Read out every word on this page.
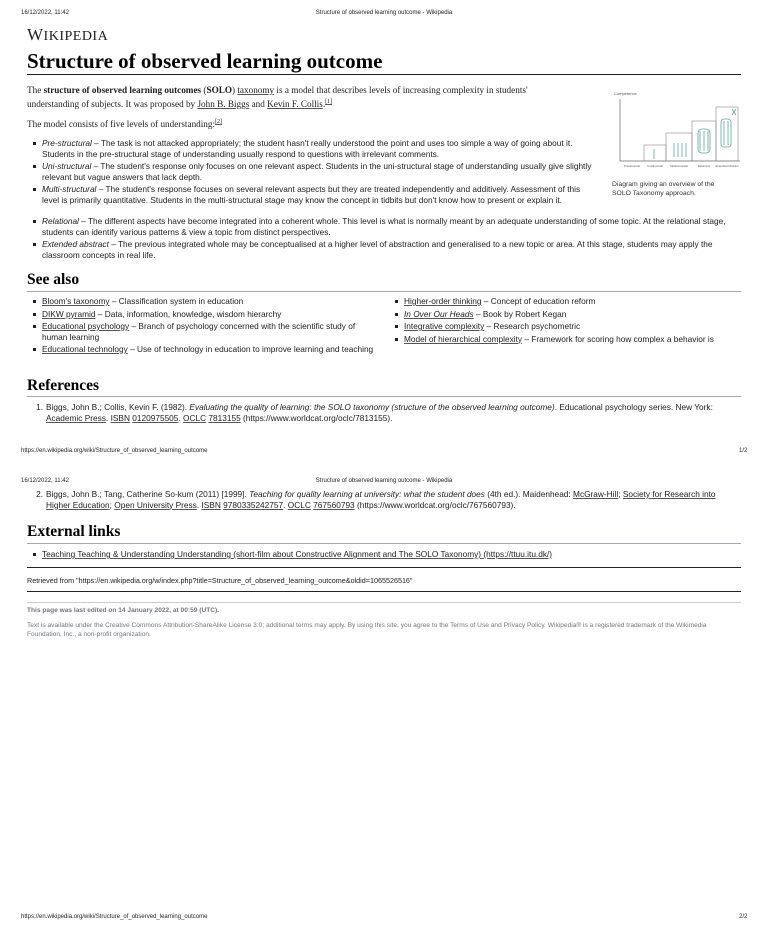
16/12/2022, 11:42	Structure of observed learning outcome - Wikipedia
WIKIPEDIA
Structure of observed learning outcome
The structure of observed learning outcomes (SOLO) taxonomy is a model that describes levels of increasing complexity in students'
understanding of subjects. It was proposed by John B. Biggs and Kevin F. Collis.[1]
The model consists of five levels of understanding:[2]
Competence
Prestructural	Unistructural	Multistructural	Relational Extended Abstract
Diagram giving an overview of the SOLO Taxonomy approach.
Pre-structural – The task is not attacked appropriately; the student hasn't really understood the point and uses too simple a way of going about it. Students in the pre-structural stage of understanding usually respond to questions with irrelevant comments.
Uni-structural – The student's response only focuses on one relevant aspect. Students in the uni-structural stage of understanding usually give slightly relevant but vague answers that lack depth.
Multi-structural – The student's response focuses on several relevant aspects but they are treated independently and additively. Assessment of this level is primarily quantitative. Students in the multi-structural stage may know the concept in tidbits but don't know how to present or explain it.
Relational – The different aspects have become integrated into a coherent whole. This level is what is normally meant by an adequate understanding of some topic. At the relational stage, students can identify various patterns & view a topic from distinct perspectives.
Extended abstract – The previous integrated whole may be conceptualised at a higher level of abstraction and generalised to a new topic or area. At this stage, students may apply the classroom concepts in real life.
See also
Bloom's taxonomy – Classification system in education
DIKW pyramid – Data, information, knowledge, wisdom hierarchy
Educational psychology – Branch of psychology concerned with the scientific study of human learning
Educational technology – Use of technology in education to improve learning and teaching
Higher-order thinking – Concept of education reform
In Over Our Heads – Book by Robert Kegan
Integrative complexity – Research psychometric
Model of hierarchical complexity – Framework for scoring how complex a behavior is
References
1. Biggs, John B.; Collis, Kevin F. (1982). Evaluating the quality of learning: the SOLO taxonomy (structure of the observed learning outcome). Educational psychology series. New York: Academic Press. ISBN 0120975505. OCLC 7813155 (https://www.worldcat.org/oclc/7813155).
https://en.wikipedia.org/wiki/Structure_of_observed_learning_outcome	1/2
16/12/2022, 11:42	Structure of observed learning outcome - Wikipedia
2. Biggs, John B.; Tang, Catherine So-kum (2011) [1999]. Teaching for quality learning at university: what the student does (4th ed.). Maidenhead: McGraw-Hill; Society for Research into Higher Education; Open University Press. ISBN 9780335242757. OCLC 767560793 (https://www.worldcat.org/oclc/767560793).
External links
Teaching Teaching & Understanding Understanding (short-film about Constructive Alignment and The SOLO Taxonomy) (https://ttuu.itu.dk/)
Retrieved from "https://en.wikipedia.org/w/index.php?title=Structure_of_observed_learning_outcome&oldid=1065526516"
This page was last edited on 14 January 2022, at 00:59 (UTC).
Text is available under the Creative Commons Attribution-ShareAlike License 3.0; additional terms may apply. By using this site, you agree to the Terms of Use and Privacy Policy. Wikipedia® is a registered trademark of the Wikimedia Foundation, Inc., a non-profit organization.
https://en.wikipedia.org/wiki/Structure_of_observed_learning_outcome	2/2
